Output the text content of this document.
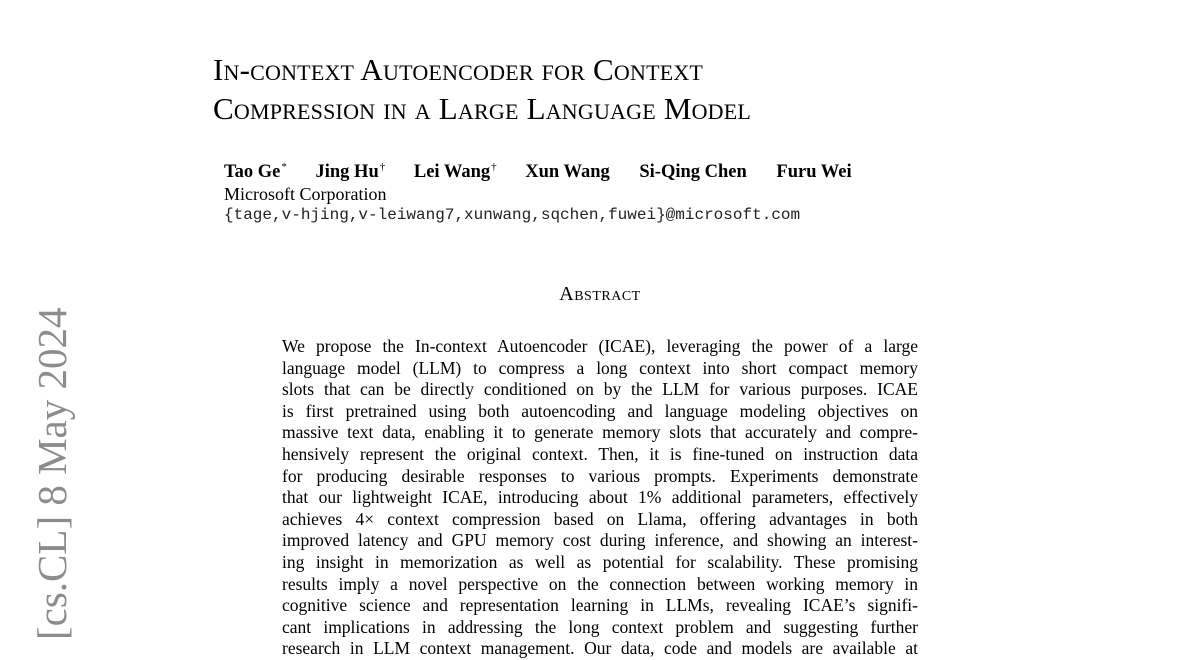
In-context Autoencoder for Context
Compression in a Large Language Model
Tao Ge* Jing Hu† Lei Wang† Xun Wang Si-Qing Chen Furu Wei
Microsoft Corporation
{tage,v-hjing,v-leiwang7,xunwang,sqchen,fuwei}@microsoft.com
Abstract
We propose the In-context Autoencoder (ICAE), leveraging the power of a large
language model (LLM) to compress a long context into short compact memory
slots that can be directly conditioned on by the LLM for various purposes. ICAE
is first pretrained using both autoencoding and language modeling objectives on
massive text data, enabling it to generate memory slots that accurately and compre-
hensively represent the original context. Then, it is fine-tuned on instruction data
for producing desirable responses to various prompts. Experiments demonstrate
that our lightweight ICAE, introducing about 1% additional parameters, effectively
achieves 4× context compression based on Llama, offering advantages in both
improved latency and GPU memory cost during inference, and showing an interest-
ing insight in memorization as well as potential for scalability. These promising
results imply a novel perspective on the connection between working memory in
cognitive science and representation learning in LLMs, revealing ICAE’s signifi-
cant implications in addressing the long context problem and suggesting further
research in LLM context management. Our data, code and models are available at
[cs.CL] 8 May 2024
